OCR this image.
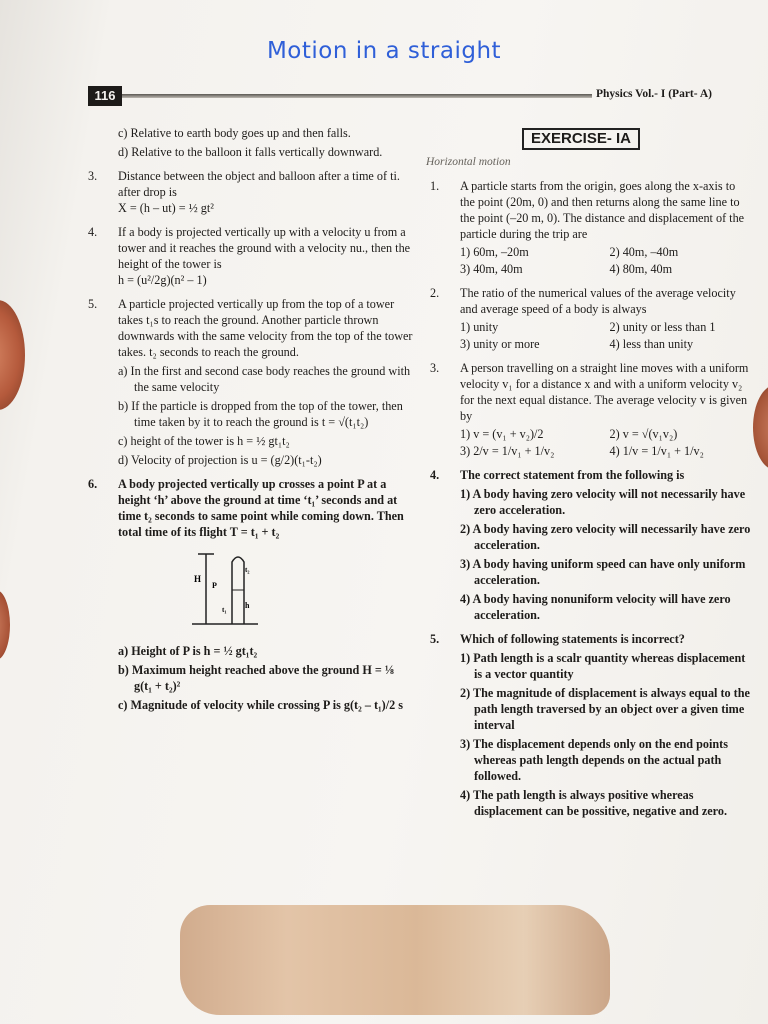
Motion in a straight
116	Physics Vol.- I (Part- A)
c) Relative to earth body goes up and then falls.
d) Relative to the balloon it falls vertically downward.
3. Distance between the object and balloon after a time of ti. after drop is
X = (h – ut) = ½ gt²
4. If a body is projected vertically up with a velocity u from a tower and it reaches the ground with a velocity nu., then the height of the tower is
h = (u²/2g)(n² – 1)
5. A particle projected vertically up from the top of a tower takes t₁s to reach the ground. Another particle thrown downwards with the same velocity from the top of the tower takes. t₂ seconds to reach the ground.
a) In the first and second case body reaches the ground with the same velocity
b) If the particle is dropped from the top of the tower, then time taken by it to reach the ground is t = √(t₁t₂)
c) height of the tower is h = ½ gt₁t₂
d) Velocity of projection is u = (g/2)(t₁-t₂)
6. A body projected vertically up crosses a point P at a height ‘h’ above the ground at time ‘t₁’ seconds and at time t₂ seconds to same point while coming down. Then total time of its flight T = t₁ + t₂
H
P
t₁
t₂
h
a) Height of P is h = ½ gt₁t₂
b) Maximum height reached above the ground H = ⅛ g(t₁ + t₂)²
c) Magnitude of velocity while crossing P is g(t₂ – t₁)/2 s
EXERCISE- IA
Horizontal motion
1. A particle starts from the origin, goes along the x-axis to the point (20m, 0) and then returns along the same line to the point (–20 m, 0). The distance and displacement of the particle during the trip are
1) 60m, –20m	2) 40m, –40m
3) 40m, 40m	4) 80m, 40m
2. The ratio of the numerical values of the average velocity and average speed of a body is always
1) unity	2) unity or less than 1
3) unity or more	4) less than unity
3. A person travelling on a straight line moves with a uniform velocity v₁ for a distance x and with a uniform velocity v₂ for the next equal distance. The average velocity v is given by
1) v = (v₁ + v₂)/2	2) v = √(v₁v₂)
3) 2/v = 1/v₁ + 1/v₂	4) 1/v = 1/v₁ + 1/v₂
4. The correct statement from the following is
1) A body having zero velocity will not necessarily have zero acceleration.
2) A body having zero velocity will necessarily have zero acceleration.
3) A body having uniform speed can have only uniform acceleration.
4) A body having nonuniform velocity will have zero acceleration.
5. Which of following statements is incorrect?
1) Path length is a scalr quantity whereas displacement is a vector quantity
2) The magnitude of displacement is always equal to the path length traversed by an object over a given time interval
3) The displacement depends only on the end points whereas path length depends on the actual path followed.
4) The path length is always positive whereas displacement can be possitive, negative and zero.
